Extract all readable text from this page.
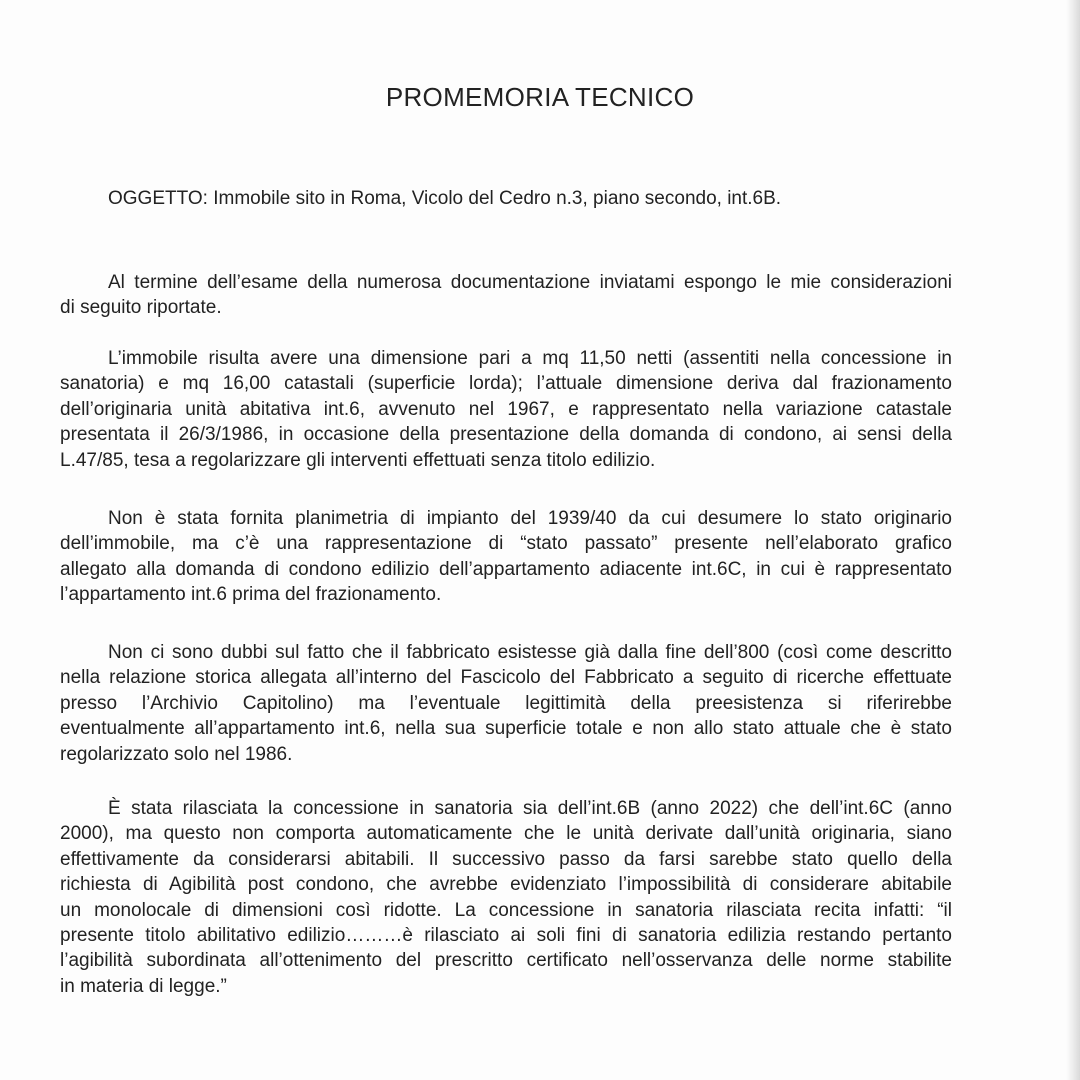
PROMEMORIA TECNICO
OGGETTO: Immobile sito in Roma, Vicolo del Cedro n.3, piano secondo, int.6B.
Al termine dell’esame della numerosa documentazione inviatami espongo le mie considerazioni
di seguito riportate.
L’immobile risulta avere una dimensione pari a mq 11,50 netti (assentiti nella concessione in
sanatoria) e mq 16,00 catastali (superficie lorda); l’attuale dimensione deriva dal frazionamento
dell’originaria unità abitativa int.6, avvenuto nel 1967, e rappresentato nella variazione catastale
presentata il 26/3/1986, in occasione della presentazione della domanda di condono, ai sensi della
L.47/85, tesa a regolarizzare gli interventi effettuati senza titolo edilizio.
Non è stata fornita planimetria di impianto del 1939/40 da cui desumere lo stato originario
dell’immobile, ma c’è una rappresentazione di “stato passato” presente nell’elaborato grafico
allegato alla domanda di condono edilizio dell’appartamento adiacente int.6C, in cui è rappresentato
l’appartamento int.6 prima del frazionamento.
Non ci sono dubbi sul fatto che il fabbricato esistesse già dalla fine dell’800 (così come descritto
nella relazione storica allegata all’interno del Fascicolo del Fabbricato a seguito di ricerche effettuate
presso l’Archivio Capitolino) ma l’eventuale legittimità della preesistenza si riferirebbe
eventualmente all’appartamento int.6, nella sua superficie totale e non allo stato attuale che è stato
regolarizzato solo nel 1986.
È stata rilasciata la concessione in sanatoria sia dell’int.6B (anno 2022) che dell’int.6C (anno
2000), ma questo non comporta automaticamente che le unità derivate dall’unità originaria, siano
effettivamente da considerarsi abitabili. Il successivo passo da farsi sarebbe stato quello della
richiesta di Agibilità post condono, che avrebbe evidenziato l’impossibilità di considerare abitabile
un monolocale di dimensioni così ridotte. La concessione in sanatoria rilasciata recita infatti: “il
presente titolo abilitativo edilizio………è rilasciato ai soli fini di sanatoria edilizia restando pertanto
l’agibilità subordinata all’ottenimento del prescritto certificato nell’osservanza delle norme stabilite
in materia di legge.”
